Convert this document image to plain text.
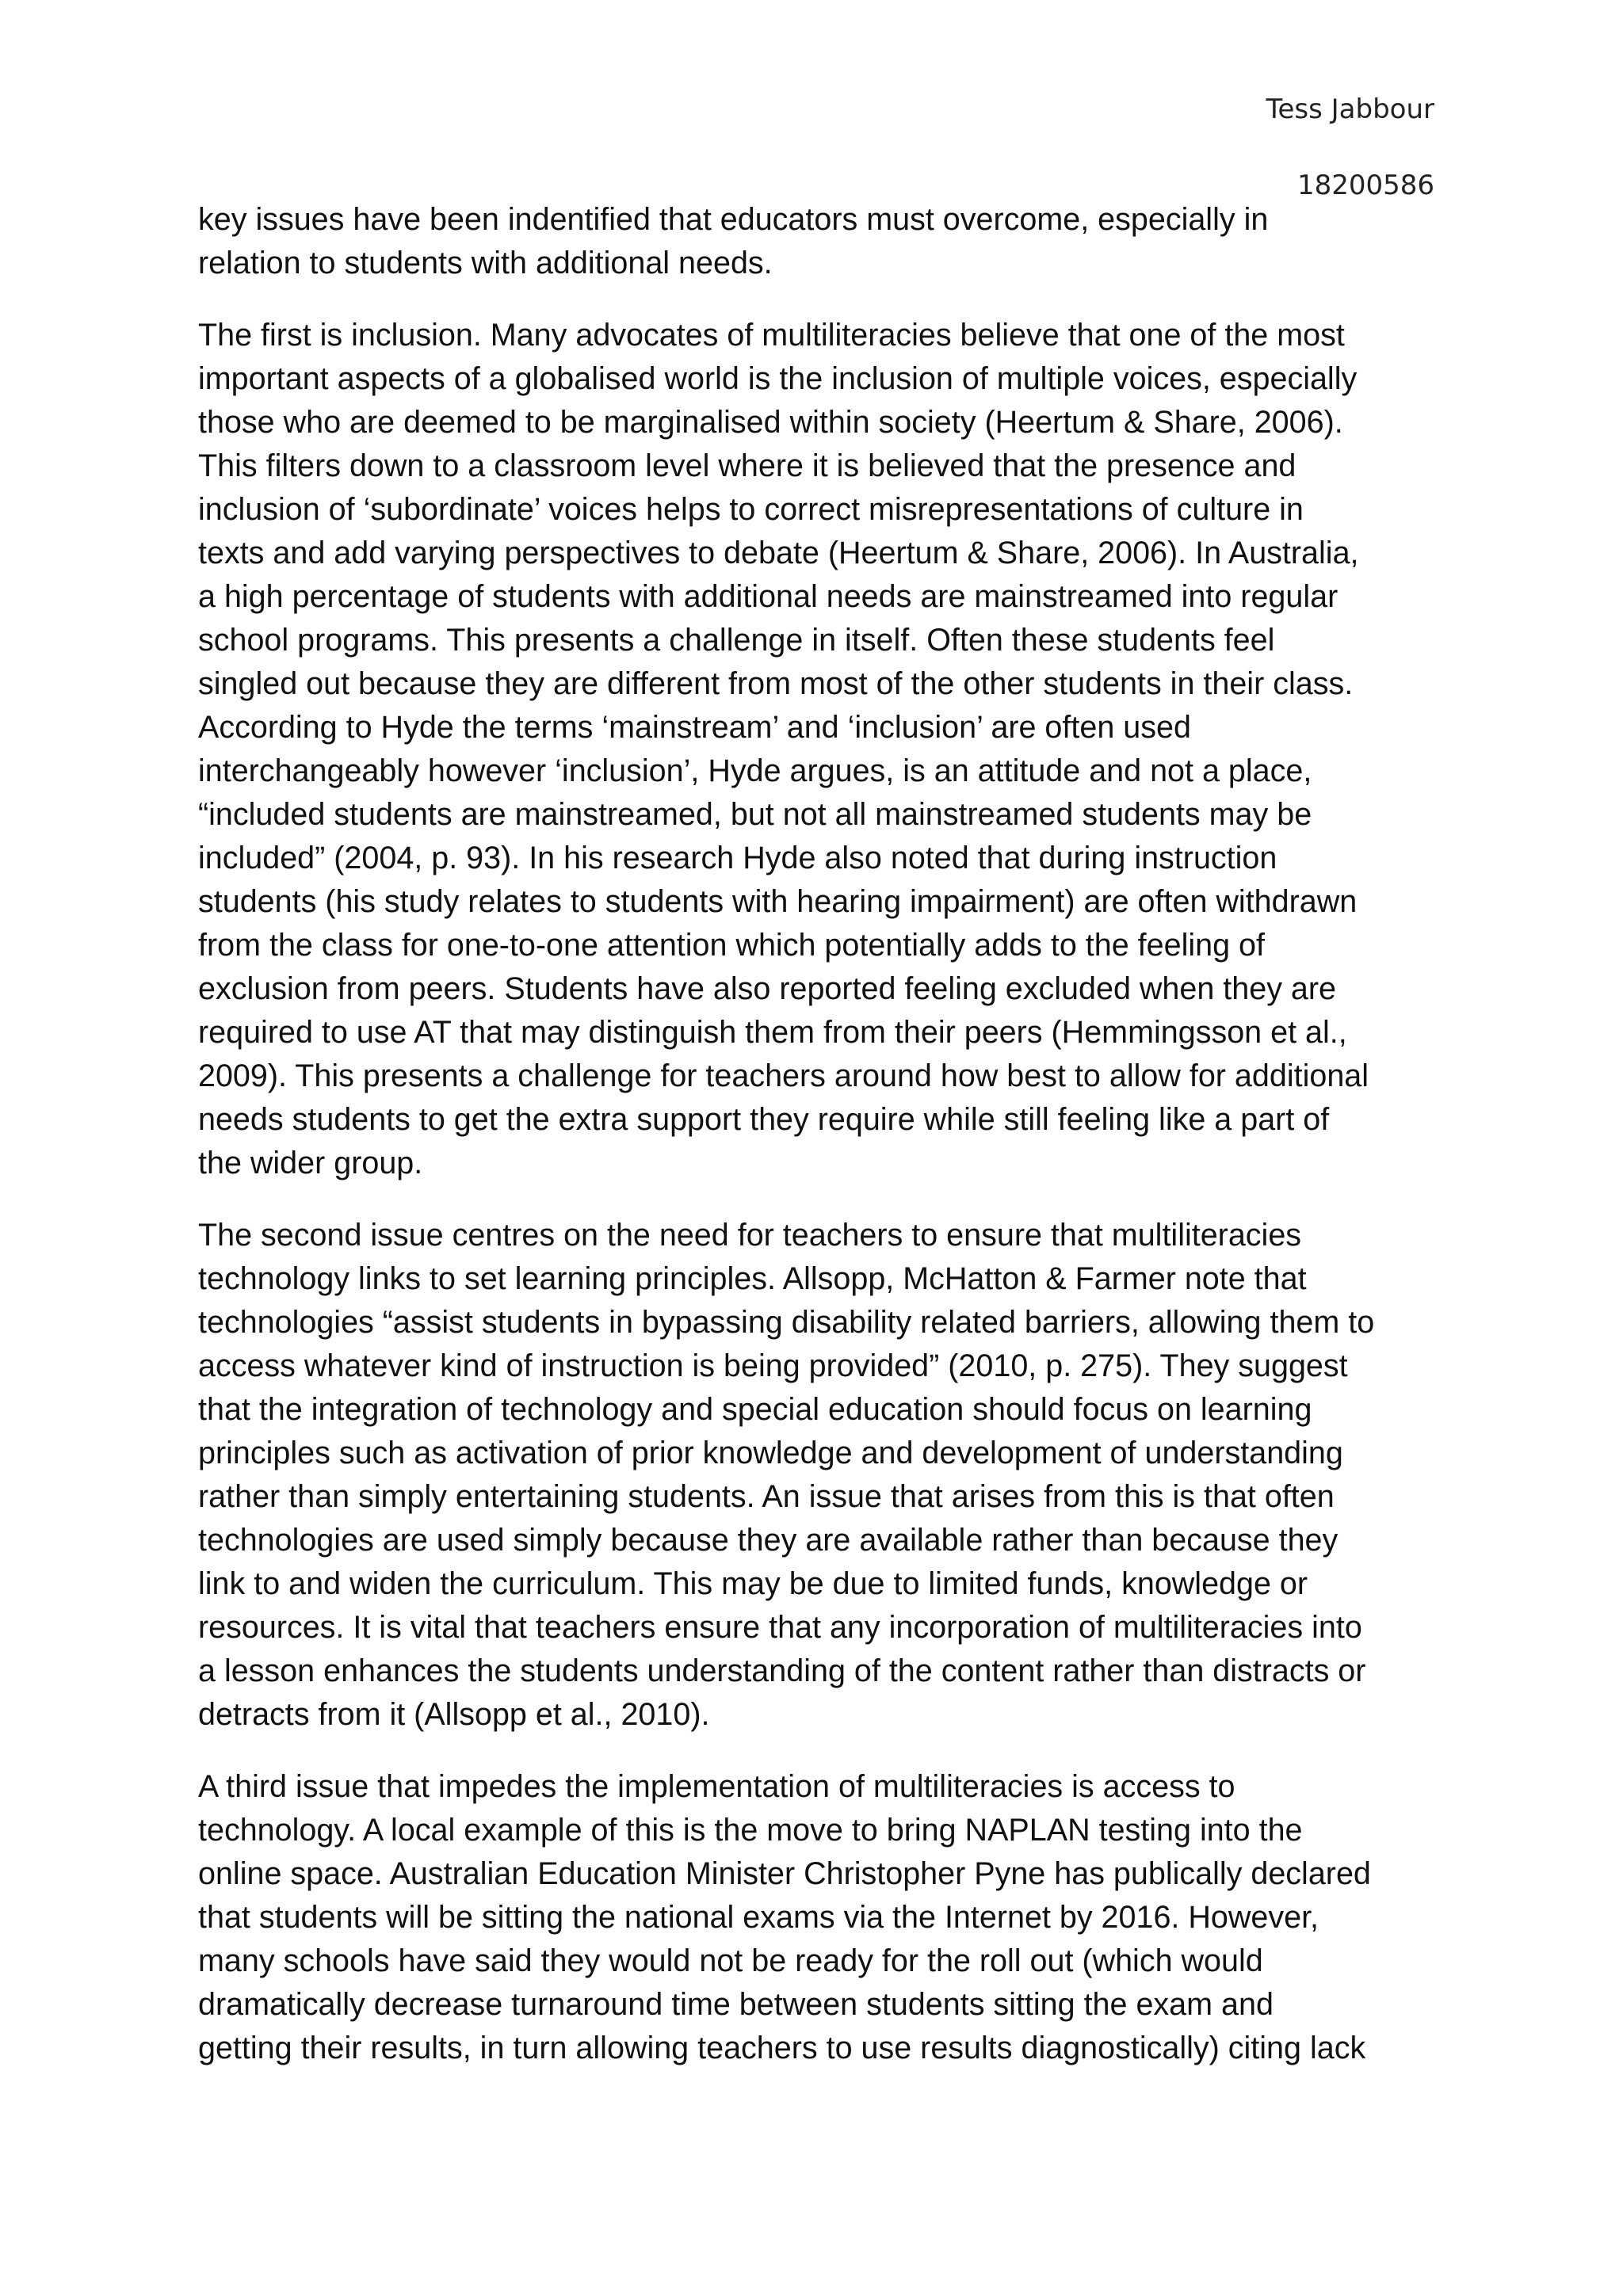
Tess Jabbour
18200586

key issues have been indentified that educators must overcome, especially in
relation to students with additional needs.

The first is inclusion. Many advocates of multiliteracies believe that one of the most
important aspects of a globalised world is the inclusion of multiple voices, especially
those who are deemed to be marginalised within society (Heertum & Share, 2006).
This filters down to a classroom level where it is believed that the presence and
inclusion of ‘subordinate’ voices helps to correct misrepresentations of culture in
texts and add varying perspectives to debate (Heertum & Share, 2006). In Australia,
a high percentage of students with additional needs are mainstreamed into regular
school programs. This presents a challenge in itself. Often these students feel
singled out because they are different from most of the other students in their class.
According to Hyde the terms ‘mainstream’ and ‘inclusion’ are often used
interchangeably however ‘inclusion’, Hyde argues, is an attitude and not a place,
“included students are mainstreamed, but not all mainstreamed students may be
included” (2004, p. 93). In his research Hyde also noted that during instruction
students (his study relates to students with hearing impairment) are often withdrawn
from the class for one-to-one attention which potentially adds to the feeling of
exclusion from peers. Students have also reported feeling excluded when they are
required to use AT that may distinguish them from their peers (Hemmingsson et al.,
2009). This presents a challenge for teachers around how best to allow for additional
needs students to get the extra support they require while still feeling like a part of
the wider group.

The second issue centres on the need for teachers to ensure that multiliteracies
technology links to set learning principles. Allsopp, McHatton & Farmer note that
technologies “assist students in bypassing disability related barriers, allowing them to
access whatever kind of instruction is being provided” (2010, p. 275). They suggest
that the integration of technology and special education should focus on learning
principles such as activation of prior knowledge and development of understanding
rather than simply entertaining students. An issue that arises from this is that often
technologies are used simply because they are available rather than because they
link to and widen the curriculum. This may be due to limited funds, knowledge or
resources. It is vital that teachers ensure that any incorporation of multiliteracies into
a lesson enhances the students understanding of the content rather than distracts or
detracts from it (Allsopp et al., 2010).

A third issue that impedes the implementation of multiliteracies is access to
technology. A local example of this is the move to bring NAPLAN testing into the
online space. Australian Education Minister Christopher Pyne has publically declared
that students will be sitting the national exams via the Internet by 2016. However,
many schools have said they would not be ready for the roll out (which would
dramatically decrease turnaround time between students sitting the exam and
getting their results, in turn allowing teachers to use results diagnostically) citing lack
